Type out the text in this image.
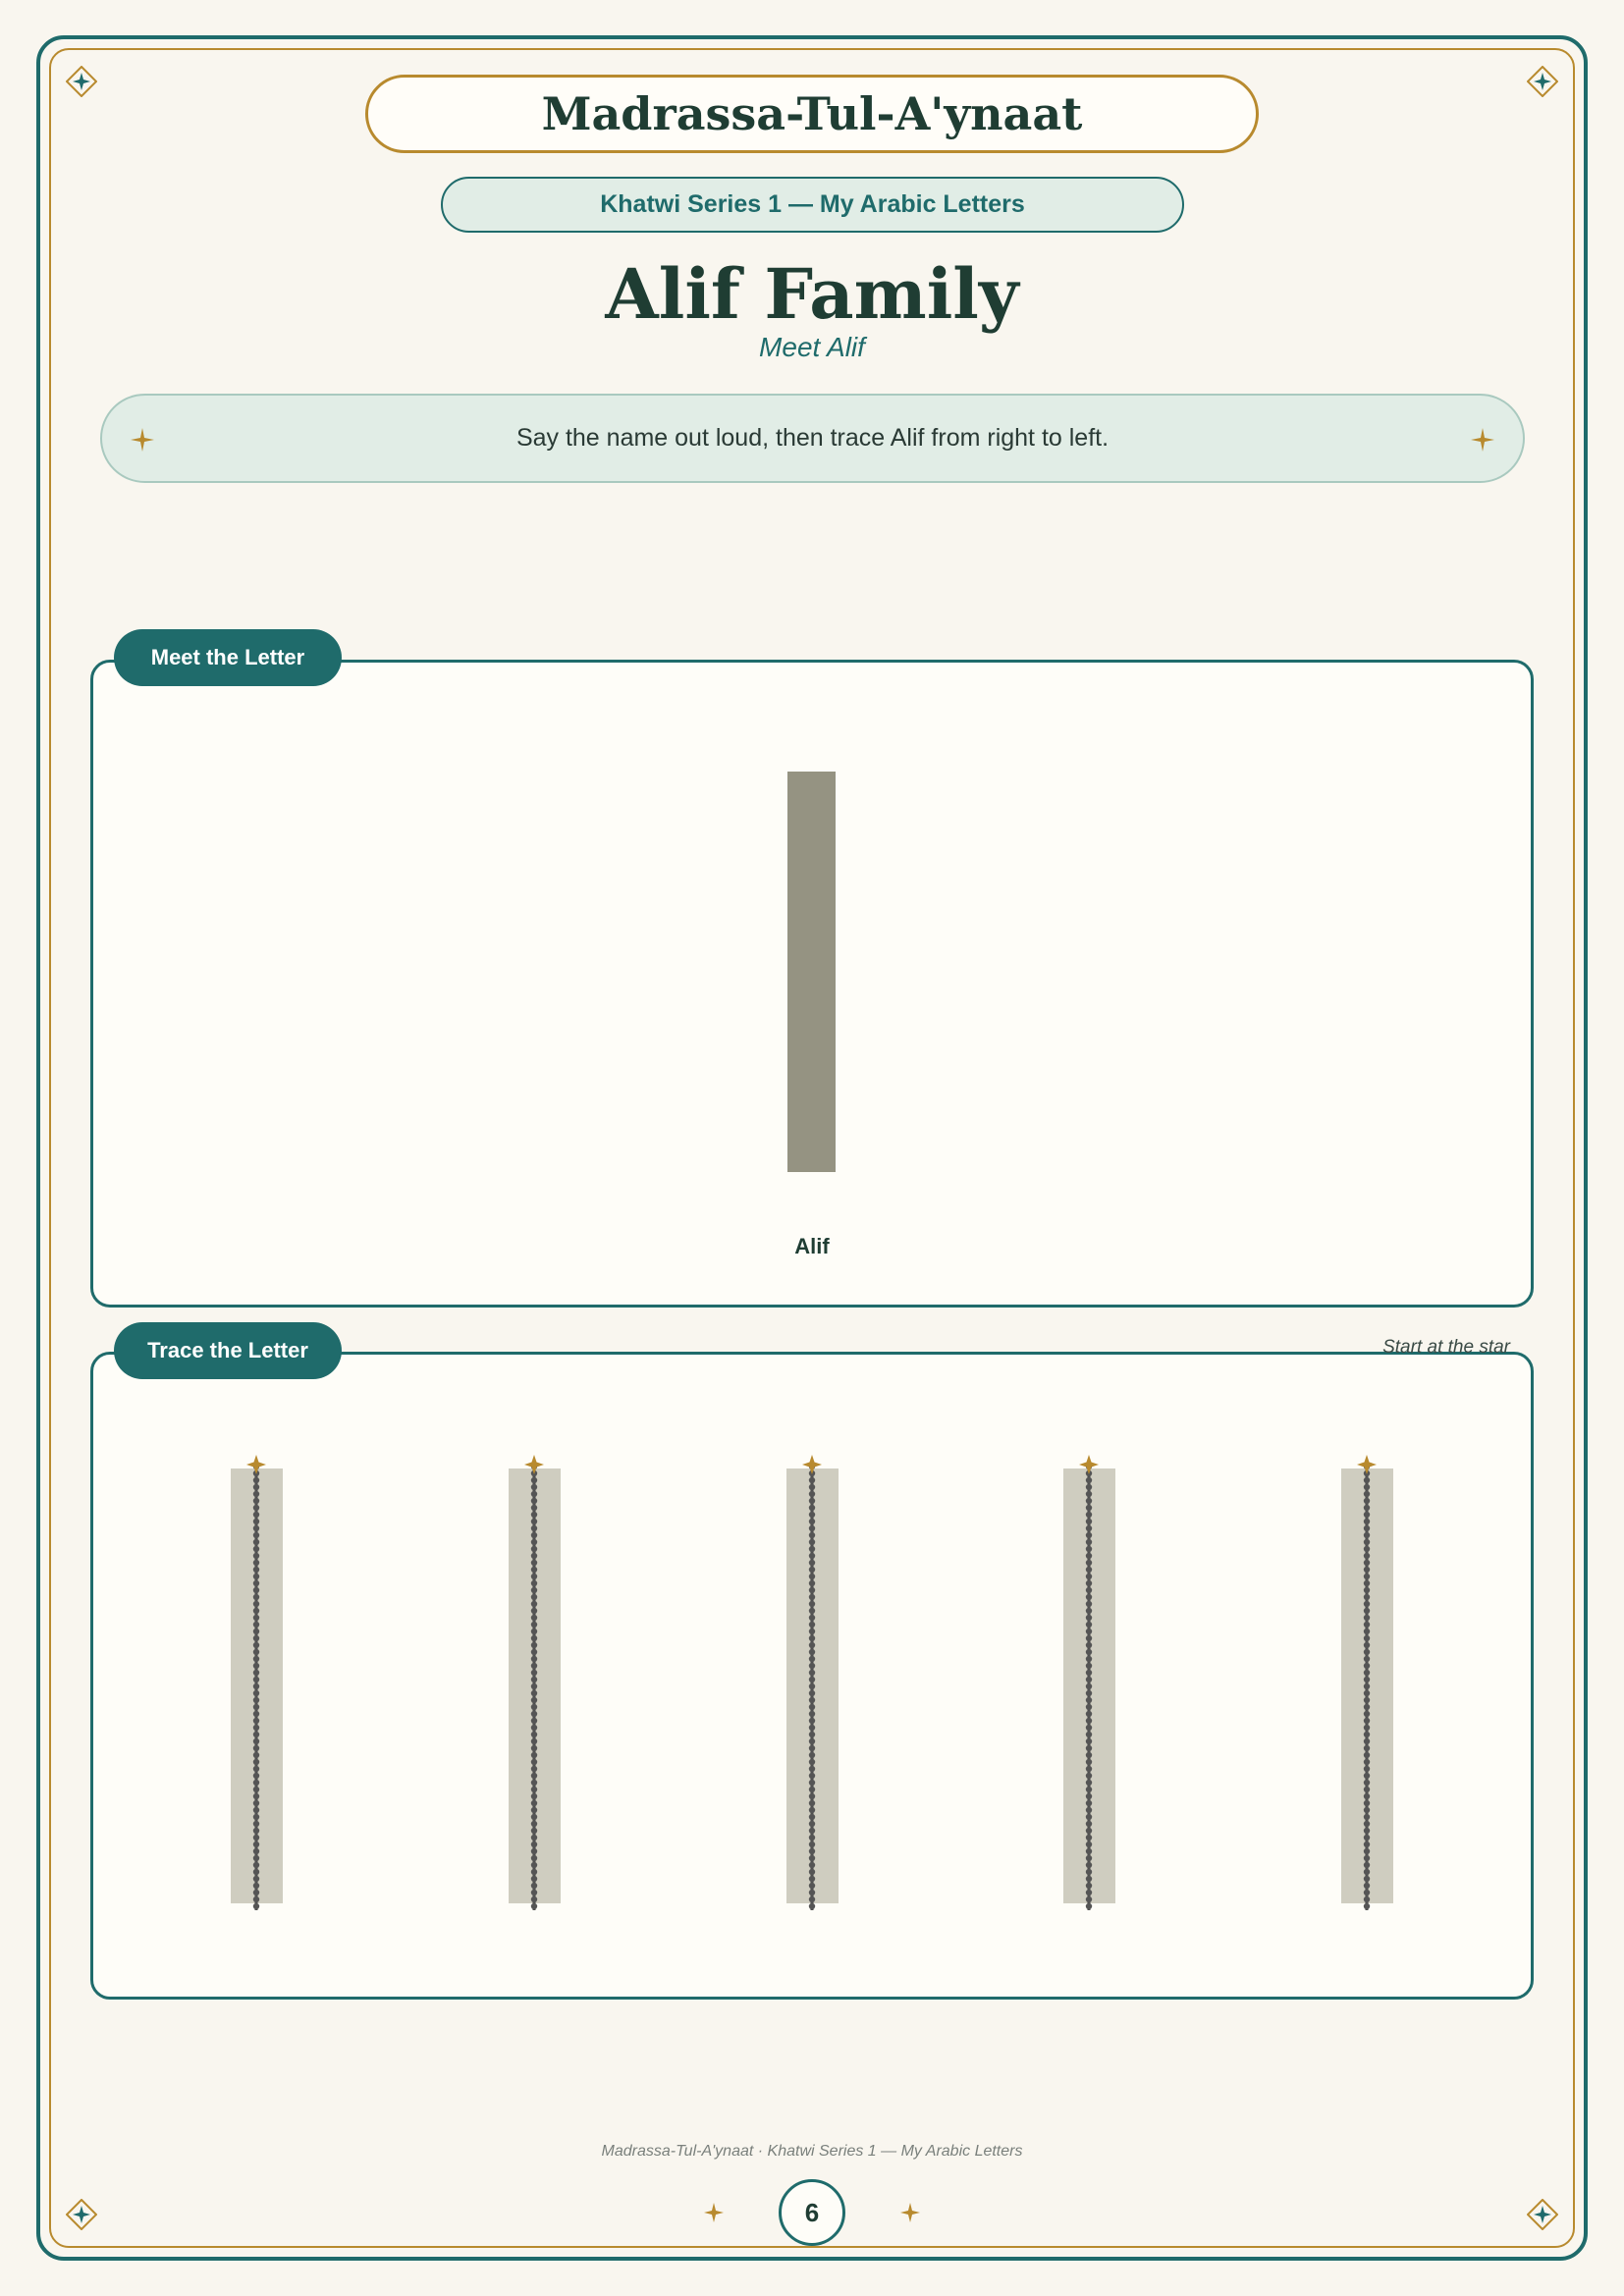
Madrassa-Tul-A'ynaat
Khatwi Series 1 — My Arabic Letters
Alif Family
Meet Alif
Say the name out loud, then trace Alif from right to left.
Meet the Letter
Alif
Trace the Letter	Start at the star
Madrassa-Tul-A'ynaat · Khatwi Series 1 — My Arabic Letters
6
